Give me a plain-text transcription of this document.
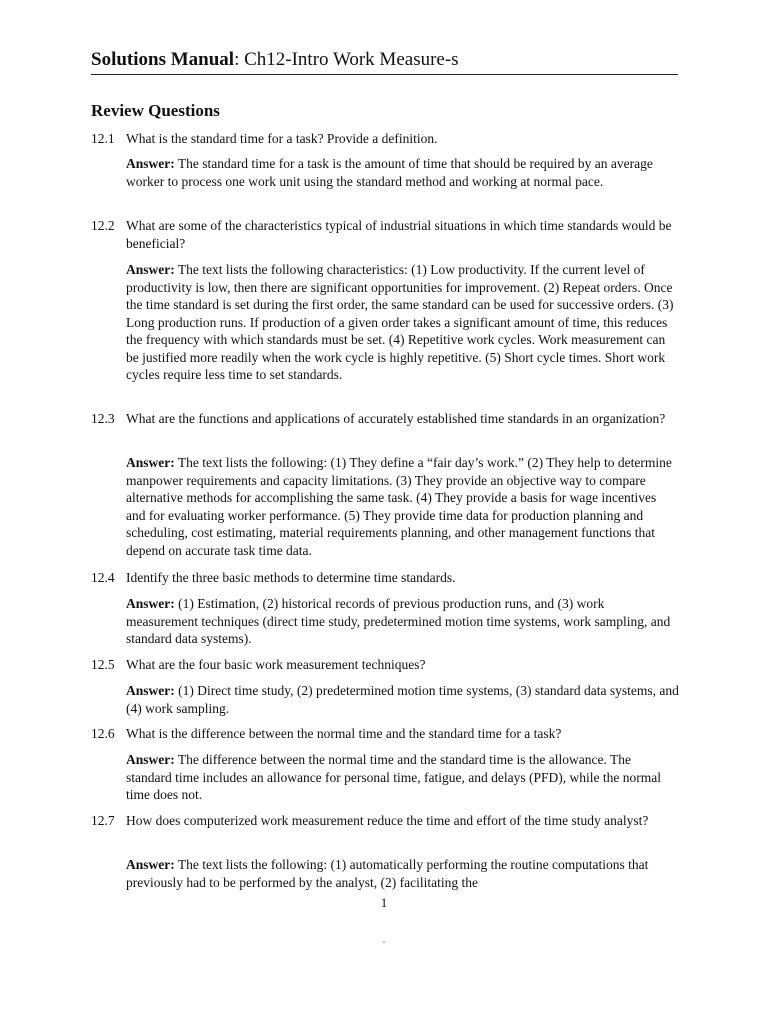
Solutions Manual: Ch12-Intro Work Measure-s
Review Questions
12.1 What is the standard time for a task? Provide a definition.
Answer: The standard time for a task is the amount of time that should be required by an average worker to process one work unit using the standard method and working at normal pace.
12.2 What are some of the characteristics typical of industrial situations in which time standards would be beneficial?
Answer: The text lists the following characteristics: (1) Low productivity. If the current level of productivity is low, then there are significant opportunities for improvement. (2) Repeat orders. Once the time standard is set during the first order, the same standard can be used for successive orders. (3) Long production runs. If production of a given order takes a significant amount of time, this reduces the frequency with which standards must be set. (4) Repetitive work cycles. Work measurement can be justified more readily when the work cycle is highly repetitive. (5) Short cycle times. Short work cycles require less time to set standards.
12.3 What are the functions and applications of accurately established time standards in an organization?
Answer: The text lists the following: (1) They define a “fair day’s work.” (2) They help to determine manpower requirements and capacity limitations. (3) They provide an objective way to compare alternative methods for accomplishing the same task. (4) They provide a basis for wage incentives and for evaluating worker performance. (5) They provide time data for production planning and scheduling, cost estimating, material requirements planning, and other management functions that depend on accurate task time data.
12.4 Identify the three basic methods to determine time standards.
Answer: (1) Estimation, (2) historical records of previous production runs, and (3) work measurement techniques (direct time study, predetermined motion time systems, work sampling, and standard data systems).
12.5 What are the four basic work measurement techniques?
Answer: (1) Direct time study, (2) predetermined motion time systems, (3) standard data systems, and (4) work sampling.
12.6 What is the difference between the normal time and the standard time for a task?
Answer: The difference between the normal time and the standard time is the allowance. The standard time includes an allowance for personal time, fatigue, and delays (PFD), while the normal time does not.
12.7 How does computerized work measurement reduce the time and effort of the time study analyst?
Answer: The text lists the following: (1) automatically performing the routine computations that previously had to be performed by the analyst, (2) facilitating the
1
.
